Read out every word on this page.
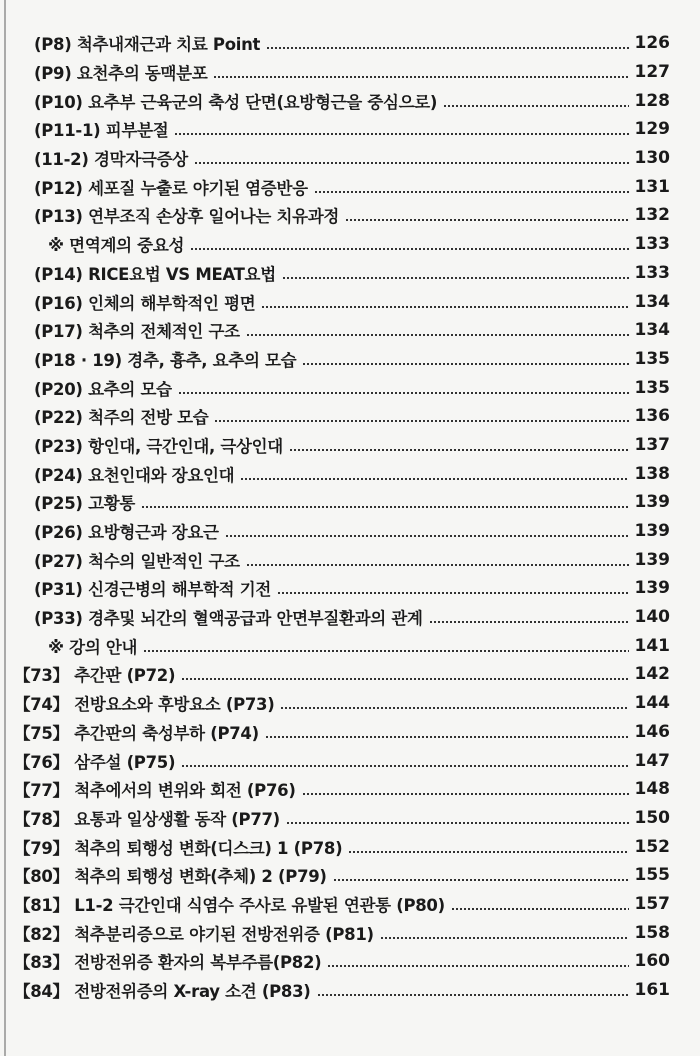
(P8) 척추내재근과 치료 Point	126
(P9) 요천추의 동맥분포	127
(P10) 요추부 근육군의 축성 단면(요방형근을 중심으로)	128
(P11-1) 피부분절	129
(11-2) 경막자극증상	130
(P12) 세포질 누출로 야기된 염증반응	131
(P13) 연부조직 손상후 일어나는 치유과정	132
※ 면역계의 중요성	133
(P14) RICE요법 VS MEAT요법	133
(P16) 인체의 해부학적인 평면	134
(P17) 척추의 전체적인 구조	134
(P18 · 19) 경추, 흉추, 요추의 모습	135
(P20) 요추의 모습	135
(P22) 척주의 전방 모습	136
(P23) 항인대, 극간인대, 극상인대	137
(P24) 요천인대와 장요인대	138
(P25) 고황통	139
(P26) 요방형근과 장요근	139
(P27) 척수의 일반적인 구조	139
(P31) 신경근병의 해부학적 기전	139
(P33) 경추및 뇌간의 혈액공급과 안면부질환과의 관계	140
※ 강의 안내	141
【73】 추간판 (P72)	142
【74】 전방요소와 후방요소 (P73)	144
【75】 추간판의 축성부하 (P74)	146
【76】 삼주설 (P75)	147
【77】 척추에서의 변위와 회전 (P76)	148
【78】 요통과 일상생활 동작 (P77)	150
【79】 척추의 퇴행성 변화(디스크) 1 (P78)	152
【80】 척추의 퇴행성 변화(추체) 2 (P79)	155
【81】 L1-2 극간인대 식염수 주사로 유발된 연관통 (P80)	157
【82】 척추분리증으로 야기된 전방전위증 (P81)	158
【83】 전방전위증 환자의 복부주름(P82)	160
【84】 전방전위증의 X-ray 소견 (P83)	161
